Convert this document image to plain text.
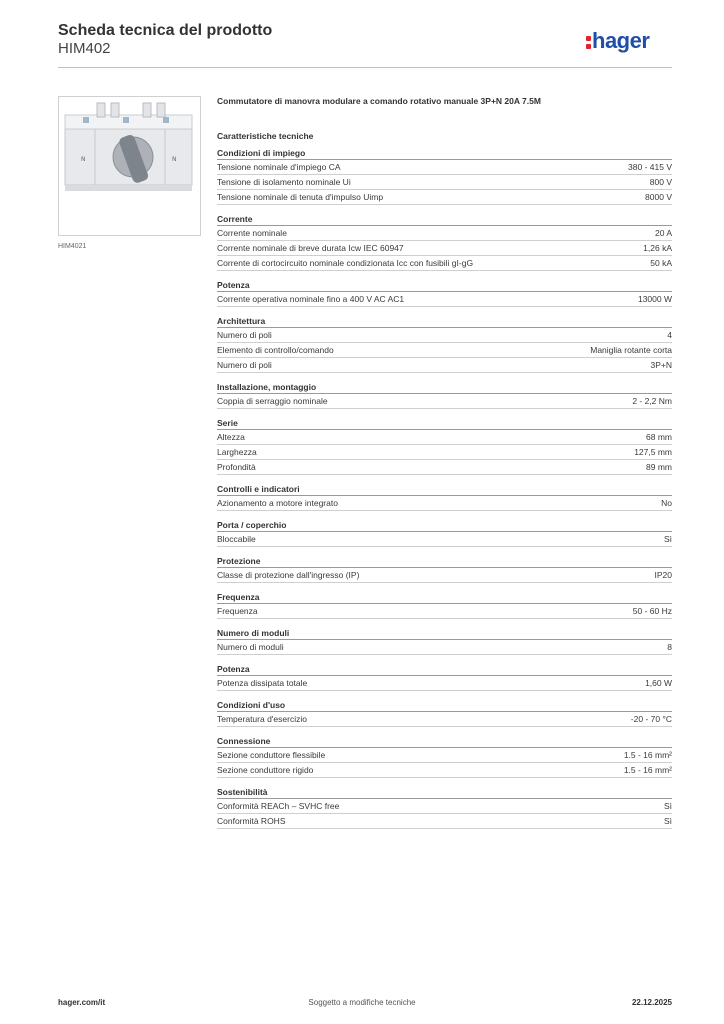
Scheda tecnica del prodotto
HIM402	hager
N	N
HIM4021
Commutatore di manovra modulare a comando rotativo manuale 3P+N 20A 7.5M
Caratteristiche tecniche
Condizioni di impiego
Tensione nominale d'impiego CA	380 - 415 V
Tensione di isolamento nominale Ui	800 V
Tensione nominale di tenuta d'impulso Uimp	8000 V
Corrente
Corrente nominale	20 A
Corrente nominale di breve durata Icw IEC 60947	1,26 kA
Corrente di cortocircuito nominale condizionata Icc con fusibili gI-gG	50 kA
Potenza
Corrente operativa nominale fino a 400 V AC AC1	13000 W
Architettura
Numero di poli	4
Elemento di controllo/comando	Maniglia rotante corta
Numero di poli	3P+N
Installazione, montaggio
Coppia di serraggio nominale	2 - 2,2 Nm
Serie
Altezza	68 mm
Larghezza	127,5 mm
Profondità	89 mm
Controlli e indicatori
Azionamento a motore integrato	No
Porta / coperchio
Bloccabile	Sì
Protezione
Classe di protezione dall'ingresso (IP)	IP20
Frequenza
Frequenza	50 - 60 Hz
Numero di moduli
Numero di moduli	8
Potenza
Potenza dissipata totale	1,60 W
Condizioni d'uso
Temperatura d'esercizio	-20 - 70 °C
Connessione
Sezione conduttore flessibile	1.5 - 16 mm²
Sezione conduttore rigido	1.5 - 16 mm²
Sostenibilità
Conformità REACh – SVHC free	Sì
Conformità ROHS	Sì
hager.com/it	Soggetto a modifiche tecniche	22.12.2025
